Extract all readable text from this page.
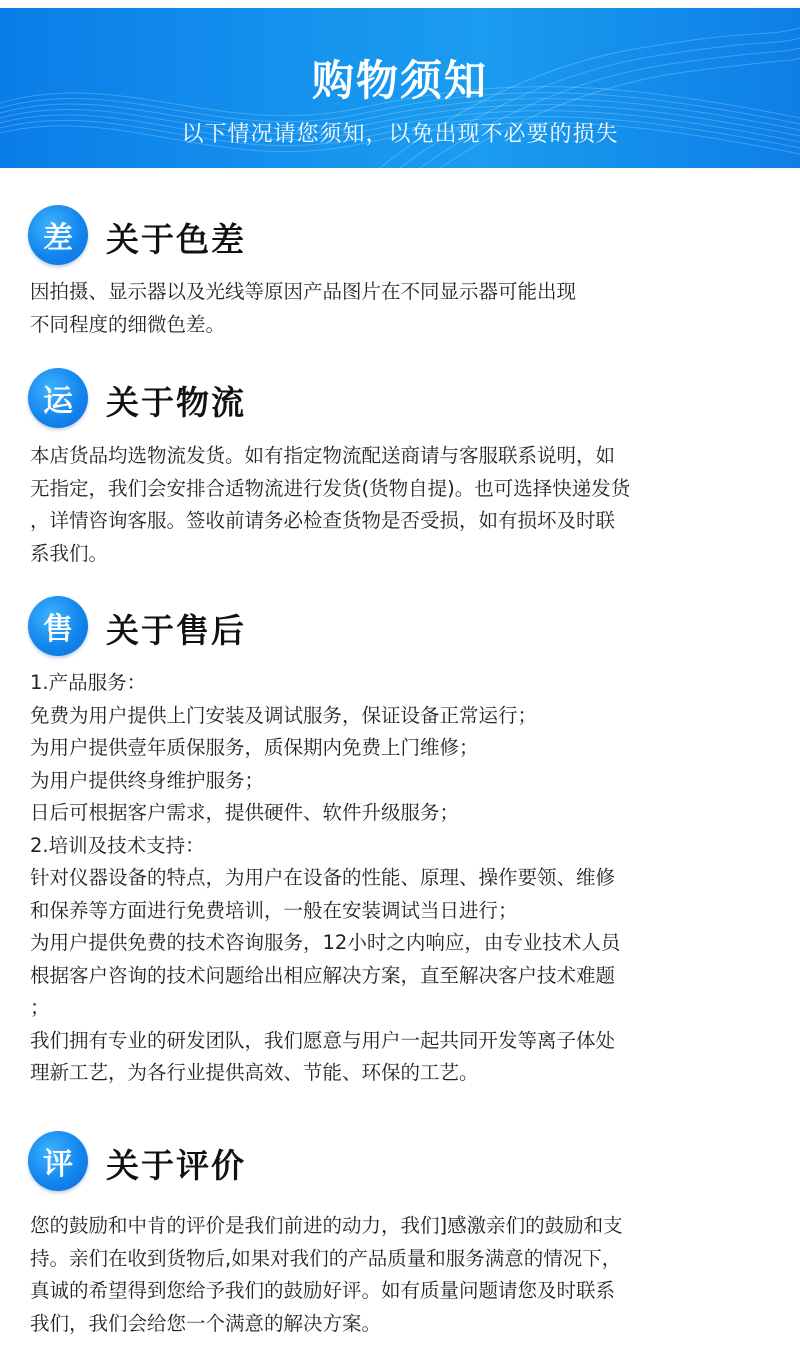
购物须知
以下情况请您须知，以免出现不必要的损失
差	关于色差
因拍摄、显示器以及光线等原因产品图片在不同显示器可能出现
不同程度的细微色差。
运	关于物流
本店货品均选物流发货。如有指定物流配送商请与客服联系说明，如
无指定，我们会安排合适物流进行发货(货物自提)。也可选择快递发货
，详情咨询客服。签收前请务必检查货物是否受损，如有损坏及时联
系我们。
售	关于售后
1.产品服务：
免费为用户提供上门安装及调试服务，保证设备正常运行；
为用户提供壹年质保服务，质保期内免费上门维修；
为用户提供终身维护服务；
日后可根据客户需求，提供硬件、软件升级服务；
2.培训及技术支持：
针对仪器设备的特点，为用户在设备的性能、原理、操作要领、维修
和保养等方面进行免费培训，一般在安装调试当日进行；
为用户提供免费的技术咨询服务，12小时之内响应，由专业技术人员
根据客户咨询的技术问题给出相应解决方案，直至解决客户技术难题
；
我们拥有专业的研发团队，我们愿意与用户一起共同开发等离子体处
理新工艺，为各行业提供高效、节能、环保的工艺。
评	关于评价
您的鼓励和中肯的评价是我们前进的动力，我们]感激亲们的鼓励和支
持。亲们在收到货物后,如果对我们的产品质量和服务满意的情况下，
真诚的希望得到您给予我们的鼓励好评。如有质量问题请您及时联系
我们，我们会给您一个满意的解决方案。
